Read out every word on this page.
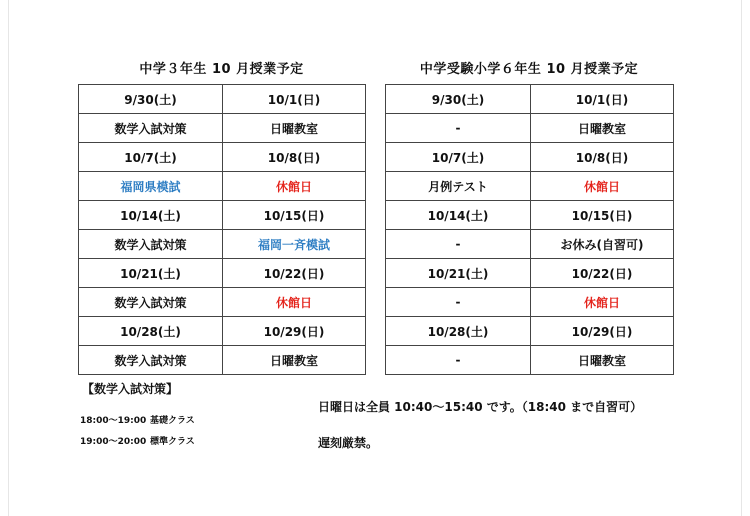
中学３年生 10 月授業予定	中学受験小学６年生 10 月授業予定
9/30(土)	10/1(日)
数学入試対策	日曜教室
10/7(土)	10/8(日)
福岡県模試	休館日
10/14(土)	10/15(日)
数学入試対策	福岡一斉模試
10/21(土)	10/22(日)
数学入試対策	休館日
10/28(土)	10/29(日)
数学入試対策	日曜教室
9/30(土)	10/1(日)
-	日曜教室
10/7(土)	10/8(日)
月例テスト	休館日
10/14(土)	10/15(日)
-	お休み(自習可)
10/21(土)	10/22(日)
-	休館日
10/28(土)	10/29(日)
-	日曜教室
【数学入試対策】
18:00～19:00 基礎クラス
19:00～20:00 標準クラス
日曜日は全員 10:40～15:40 です。（18:40 まで自習可）
遅刻厳禁。
